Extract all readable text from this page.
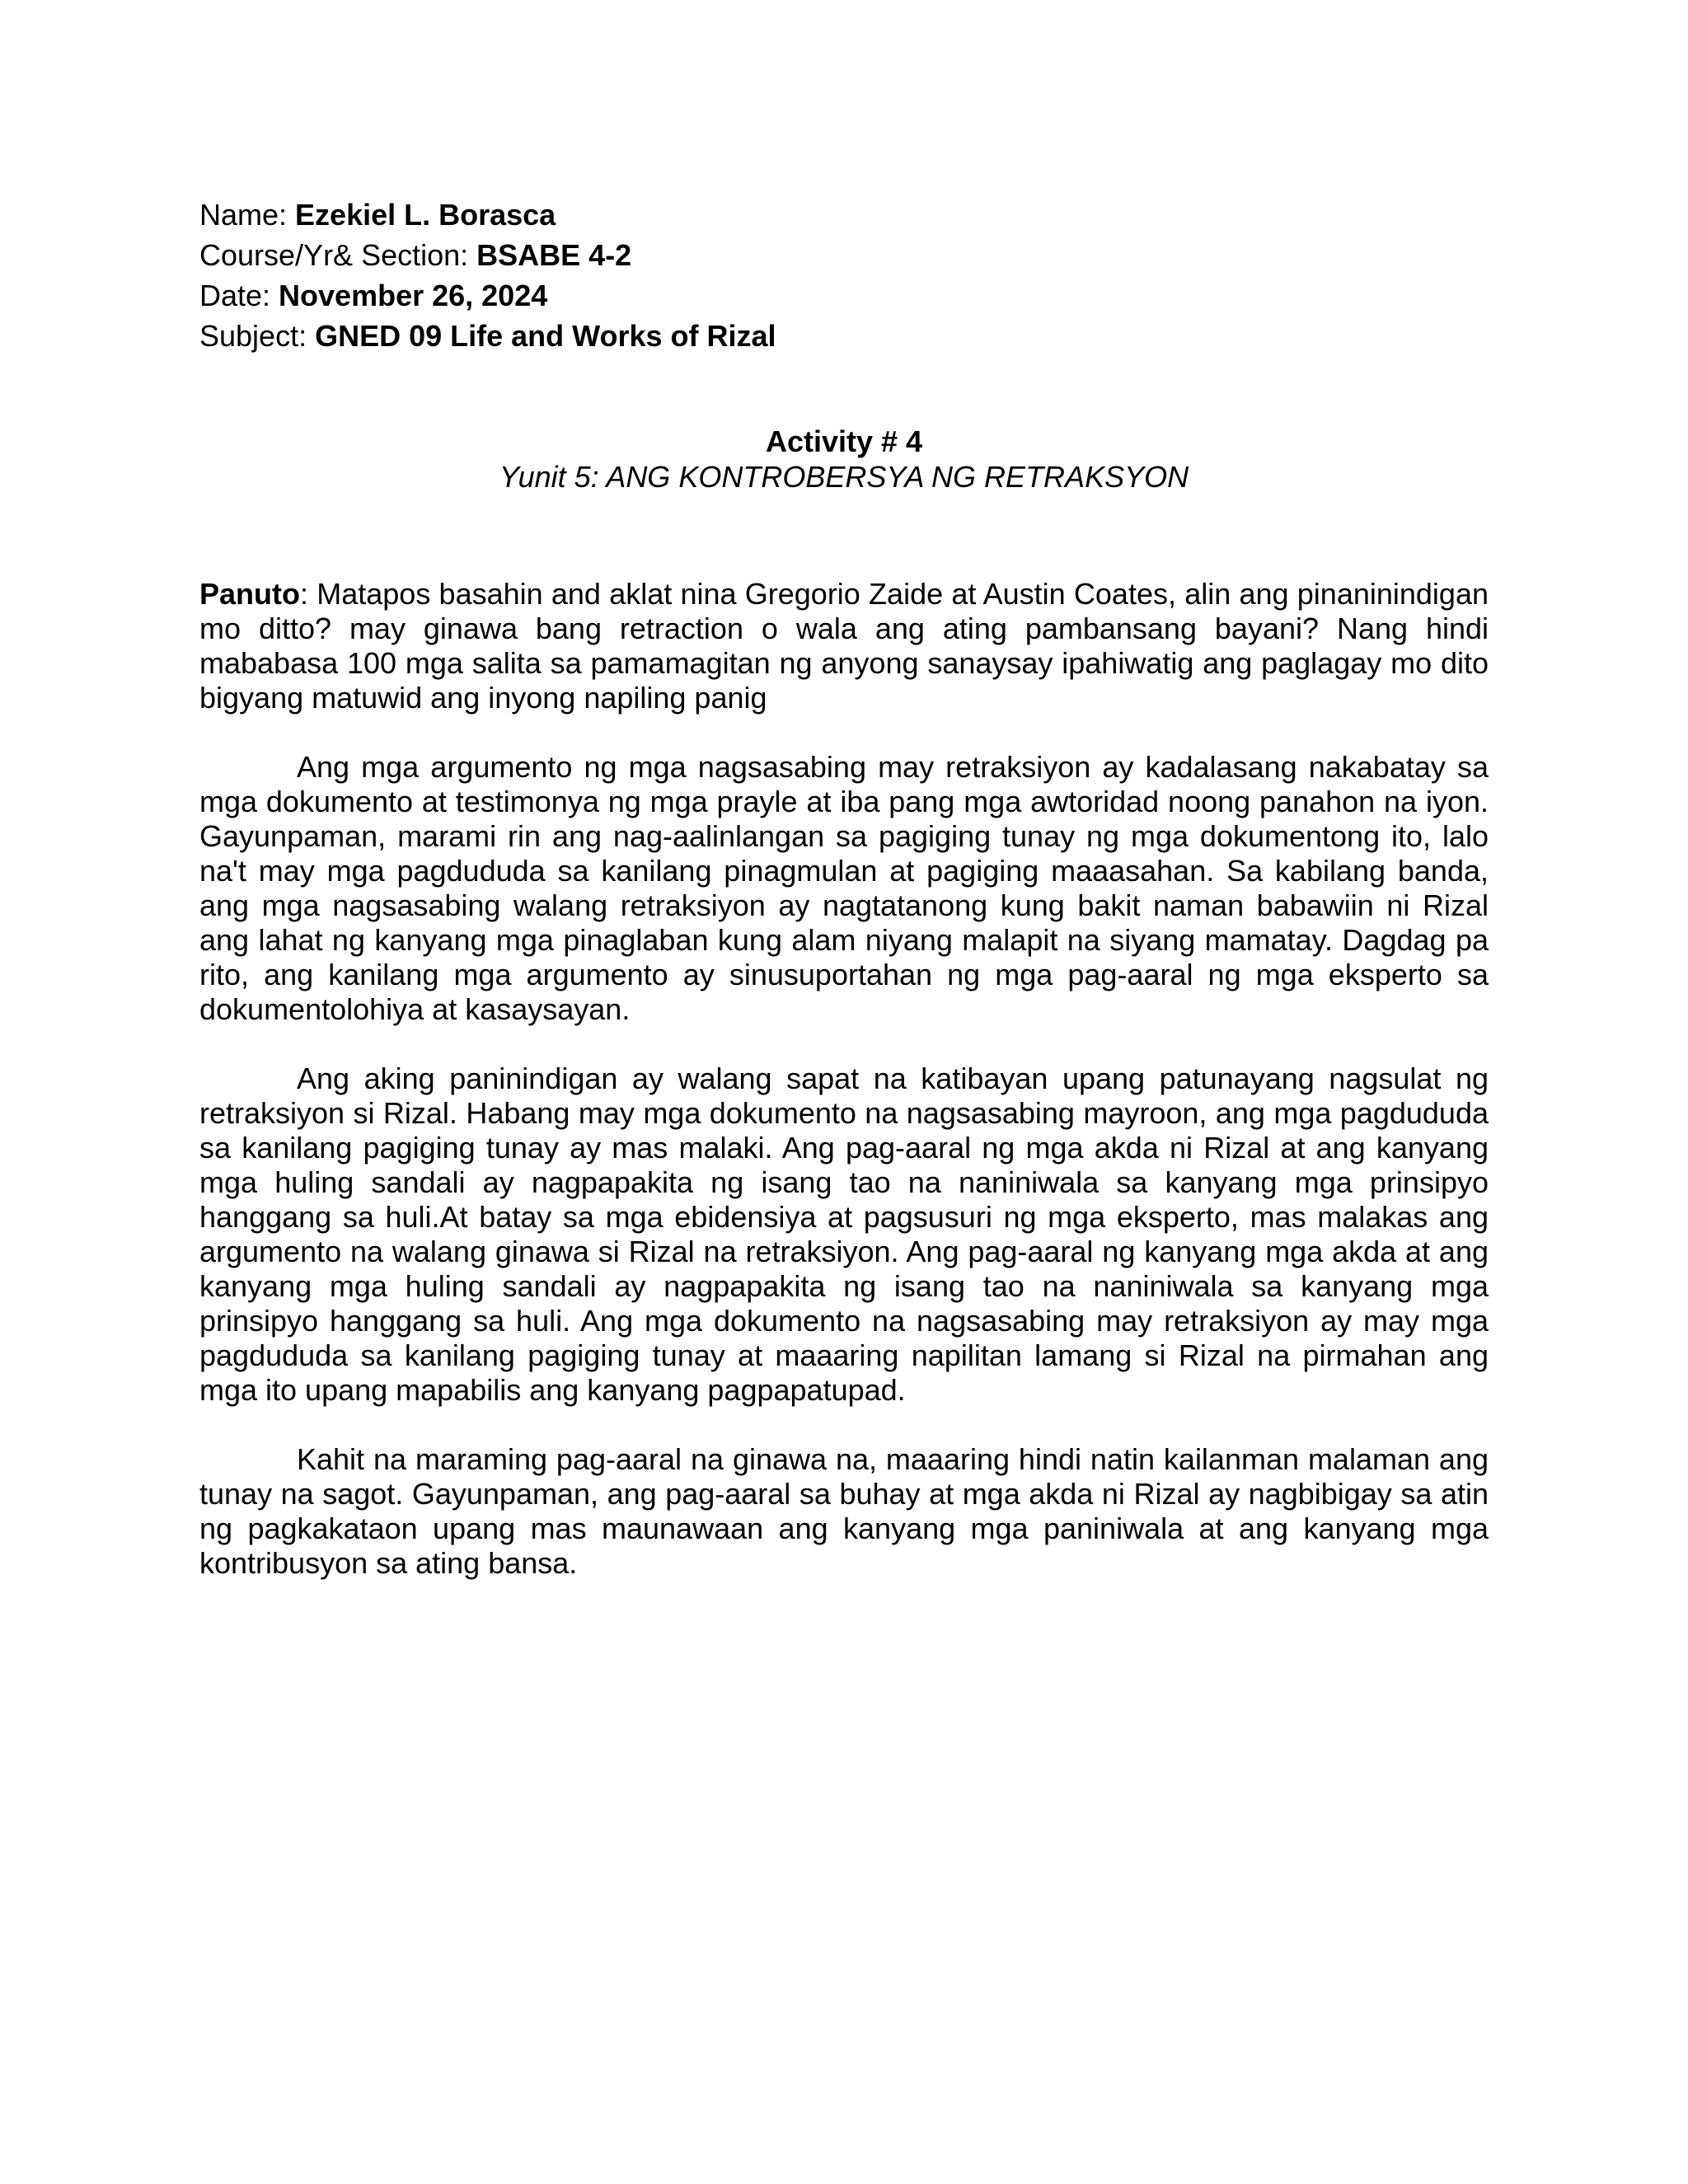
Name: Ezekiel L. Borasca
Course/Yr& Section: BSABE 4-2
Date: November 26, 2024
Subject: GNED 09 Life and Works of Rizal
Activity # 4
Yunit 5: ANG KONTROBERSYA NG RETRAKSYON

Panuto: Matapos basahin and aklat nina Gregorio Zaide at Austin Coates, alin ang pinaninindigan mo ditto? may ginawa bang retraction o wala ang ating pambansang bayani? Nang hindi mababasa 100 mga salita sa pamamagitan ng anyong sanaysay ipahiwatig ang paglagay mo dito bigyang matuwid ang inyong napiling panig

Ang mga argumento ng mga nagsasabing may retraksiyon ay kadalasang nakabatay sa mga dokumento at testimonya ng mga prayle at iba pang mga awtoridad noong panahon na iyon. Gayunpaman, marami rin ang nag-aalinlangan sa pagiging tunay ng mga dokumentong ito, lalo na't may mga pagdududa sa kanilang pinagmulan at pagiging maaasahan. Sa kabilang banda, ang mga nagsasabing walang retraksiyon ay nagtatanong kung bakit naman babawiin ni Rizal ang lahat ng kanyang mga pinaglaban kung alam niyang malapit na siyang mamatay. Dagdag pa rito, ang kanilang mga argumento ay sinusuportahan ng mga pag-aaral ng mga eksperto sa dokumentolohiya at kasaysayan.

Ang aking paninindigan ay walang sapat na katibayan upang patunayang nagsulat ng retraksiyon si Rizal. Habang may mga dokumento na nagsasabing mayroon, ang mga pagdududa sa kanilang pagiging tunay ay mas malaki. Ang pag-aaral ng mga akda ni Rizal at ang kanyang mga huling sandali ay nagpapakita ng isang tao na naniniwala sa kanyang mga prinsipyo hanggang sa huli.At batay sa mga ebidensiya at pagsusuri ng mga eksperto, mas malakas ang argumento na walang ginawa si Rizal na retraksiyon. Ang pag-aaral ng kanyang mga akda at ang kanyang mga huling sandali ay nagpapakita ng isang tao na naniniwala sa kanyang mga prinsipyo hanggang sa huli. Ang mga dokumento na nagsasabing may retraksiyon ay may mga pagdududa sa kanilang pagiging tunay at maaaring napilitan lamang si Rizal na pirmahan ang mga ito upang mapabilis ang kanyang pagpapatupad.

Kahit na maraming pag-aaral na ginawa na, maaaring hindi natin kailanman malaman ang tunay na sagot. Gayunpaman, ang pag-aaral sa buhay at mga akda ni Rizal ay nagbibigay sa atin ng pagkakataon upang mas maunawaan ang kanyang mga paniniwala at ang kanyang mga kontribusyon sa ating bansa.
